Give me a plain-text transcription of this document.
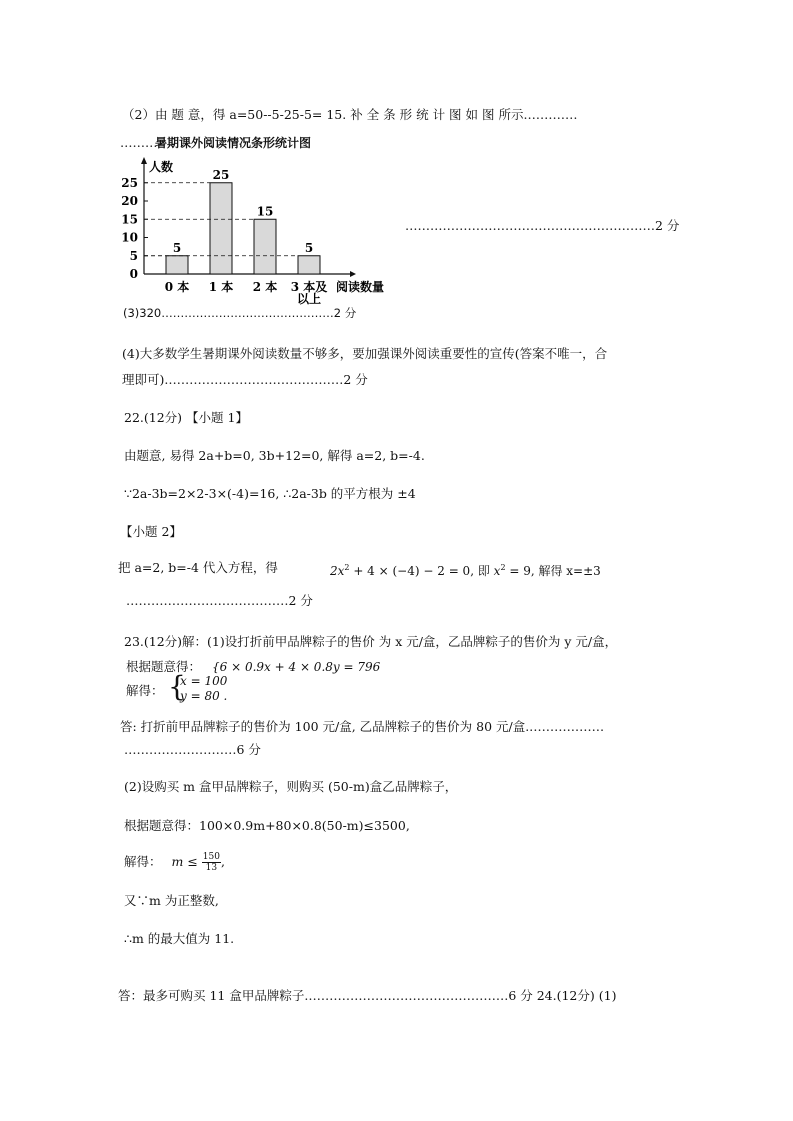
（2）由 题 意，得 a=50--5-25-5= 15. 补 全 条 形 统 计 图 如 图 所示.…………
………
暑期课外阅读情况条形统计图
人数
0
5
10
15
20
25
5
0 本
25
1 本
15
2 本
5
3 本及
以上
阅读数量
……………………………………………………2 分
(3)320………………………………………2 分
(4)大多数学生暑期课外阅读数量不够多，要加强课外阅读重要性的宣传(答案不唯一，合
理即可).……………………………………2 分
22.(12分) 【小题 1】
由题意, 易得 2a+b=0, 3b+12=0, 解得 a=2, b=-4.
∵2a-3b=2×2-3×(-4)=16, ∴2a-3b 的平方根为 ±4
【小题 2】
把 a=2, b=-4 代入方程，得	$2x^2 + 4 \times (-4) - 2 = 0$, 即 $x^2 = 9$, 解得 x=±3
…………………………………2 分
23.(12分)解：(1)设打折前甲品牌粽子的售价 为 x 元/盒，乙品牌粽子的售价为 y 元/盒，
根据题意得： {6 × 0.9x + 4 × 0.8y = 796
解得： {
x = 100
y = 80 .
答: 打折前甲品牌粽子的售价为 100 元/盒, 乙品牌粽子的售价为 80 元/盒.………………
………………………6 分
(2)设购买 m 盒甲品牌粽子，则购买 (50-m)盒乙品牌粽子，
根据题意得：100×0.9m+80×0.8(50-m)≤3500,
解得： $m \le \frac{150}{13}$ ,
又∵m 为正整数,
∴m 的最大值为 11.
答：最多可购买 11 盒甲品牌粽子.…………………………………………6 分 24.(12分) (1)
